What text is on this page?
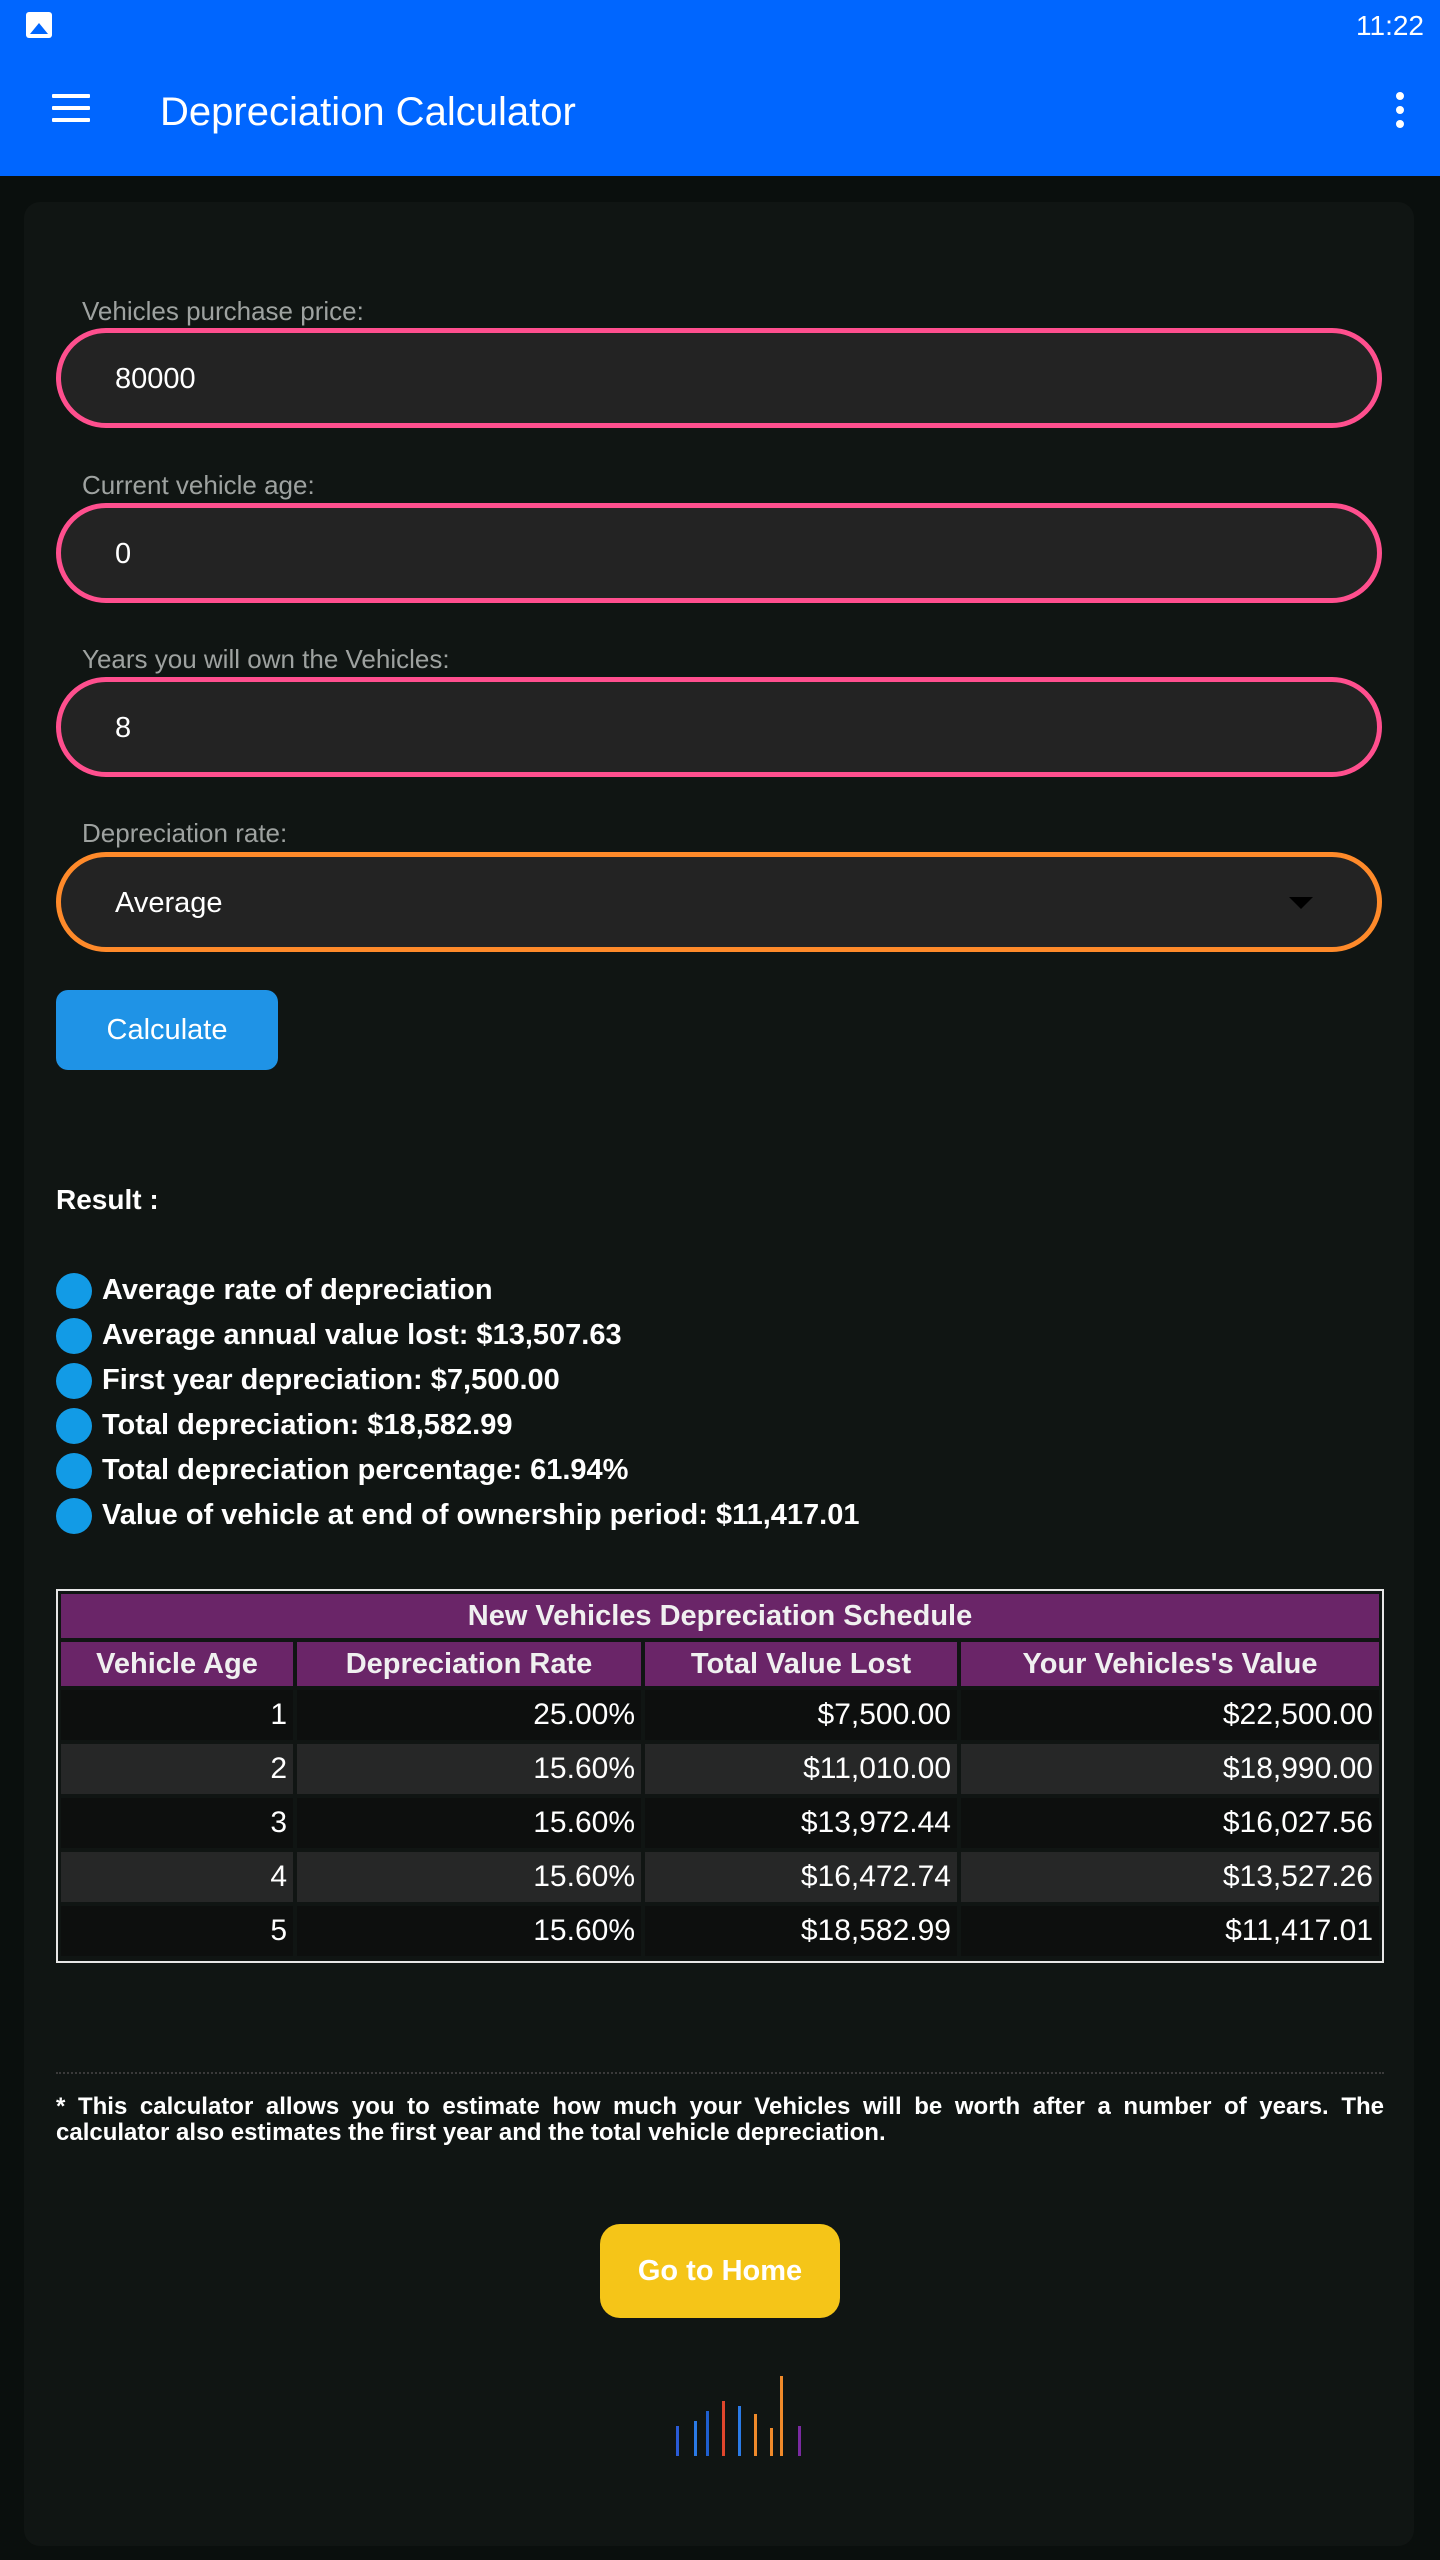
11:22
Depreciation Calculator
Vehicles purchase price:
80000
Current vehicle age:
0
Years you will own the Vehicles:
8
Depreciation rate:
Average
Calculate
Result :
Average rate of depreciation
Average annual value lost: $13,507.63
First year depreciation: $7,500.00
Total depreciation:
$18,582.99
Total depreciation percentage:
61.94%
Value of vehicle at end of ownership period:
$11,417.01
New Vehicles Depreciation Schedule			
Vehicle Age	Depreciation Rate	Total Value Lost	Your Vehicles's Value
1	25.00%	$7,500.00	$22,500.00
2	15.60%	$11,010.00	$18,990.00
3	15.60%	$13,972.44	$16,027.56
4	15.60%	$16,472.74	$13,527.26
5	15.60%	$18,582.99	$11,417.01
* This calculator allows you to estimate how much your Vehicles will be worth after a number of years. The calculator also estimates the first year and the total vehicle depreciation.
Go to Home
